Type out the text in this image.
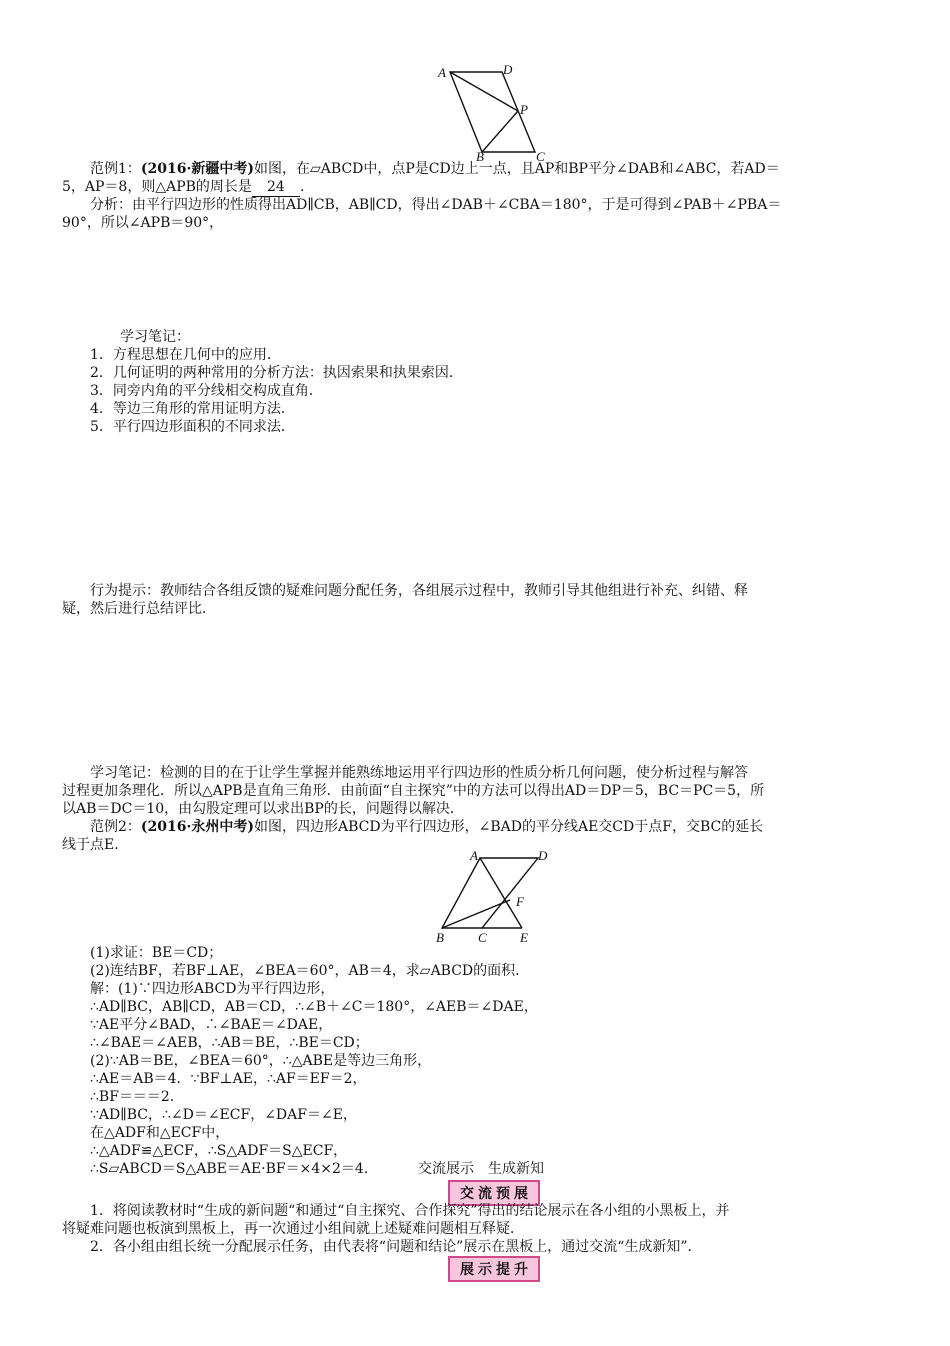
A	D
P
B	C
范例1：(2016·新疆中考)如图，在▱ABCD中，点P是CD边上一点，且AP和BP平分∠DAB和∠ABC，若AD＝
5，AP＝8，则△APB的周长是 24 .
分析：由平行四边形的性质得出AD∥CB，AB∥CD，得出∠DAB＋∠CBA＝180°，于是可得到∠PAB＋∠PBA＝
90°，所以∠APB＝90°，
学习笔记：
1．方程思想在几何中的应用．
2．几何证明的两种常用的分析方法：执因索果和执果索因．
3．同旁内角的平分线相交构成直角．
4．等边三角形的常用证明方法．
5．平行四边形面积的不同求法．
行为提示：教师结合各组反馈的疑难问题分配任务，各组展示过程中，教师引导其他组进行补充、纠错、释
疑，然后进行总结评比．
学习笔记：检测的目的在于让学生掌握并能熟练地运用平行四边形的性质分析几何问题，使分析过程与解答
过程更加条理化．所以△APB是直角三角形．由前面“自主探究”中的方法可以得出AD＝DP＝5，BC＝PC＝5，所
以AB＝DC＝10，由勾股定理可以求出BP的长，问题得以解决．
范例2：(2016·永州中考)如图，四边形ABCD为平行四边形，∠BAD的平分线AE交CD于点F，交BC的延长
线于点E.
A	D
F
B	C	E
(1)求证：BE＝CD；
(2)连结BF，若BF⊥AE，∠BEA＝60°，AB＝4，求▱ABCD的面积．
解：(1)∵四边形ABCD为平行四边形，
∴AD∥BC，AB∥CD，AB＝CD，∴∠B＋∠C＝180°，∠AEB＝∠DAE，
∵AE平分∠BAD，∴∠BAE＝∠DAE，
∴∠BAE＝∠AEB，∴AB＝BE，∴BE＝CD；
(2)∵AB＝BE，∠BEA＝60°，∴△ABE是等边三角形，
∴AE＝AB＝4．∵BF⊥AE，∴AF＝EF＝2，
∴BF＝＝＝2．
∵AD∥BC，∴∠D＝∠ECF，∠DAF＝∠E，
在△ADF和△ECF中，
∴△ADF≌△ECF，∴S△ADF＝S△ECF，
∴S▱ABCD＝S△ABE＝AE·BF＝×4×2＝4.	交流展示　生成新知
交流预展
1．将阅读教材时“生成的新问题“和通过“自主探究、合作探究”得出的结论展示在各小组的小黑板上，并
将疑难问题也板演到黑板上，再一次通过小组间就上述疑难问题相互释疑．
2．各小组由组长统一分配展示任务，由代表将“问题和结论”展示在黑板上，通过交流“生成新知”．
展示提升
